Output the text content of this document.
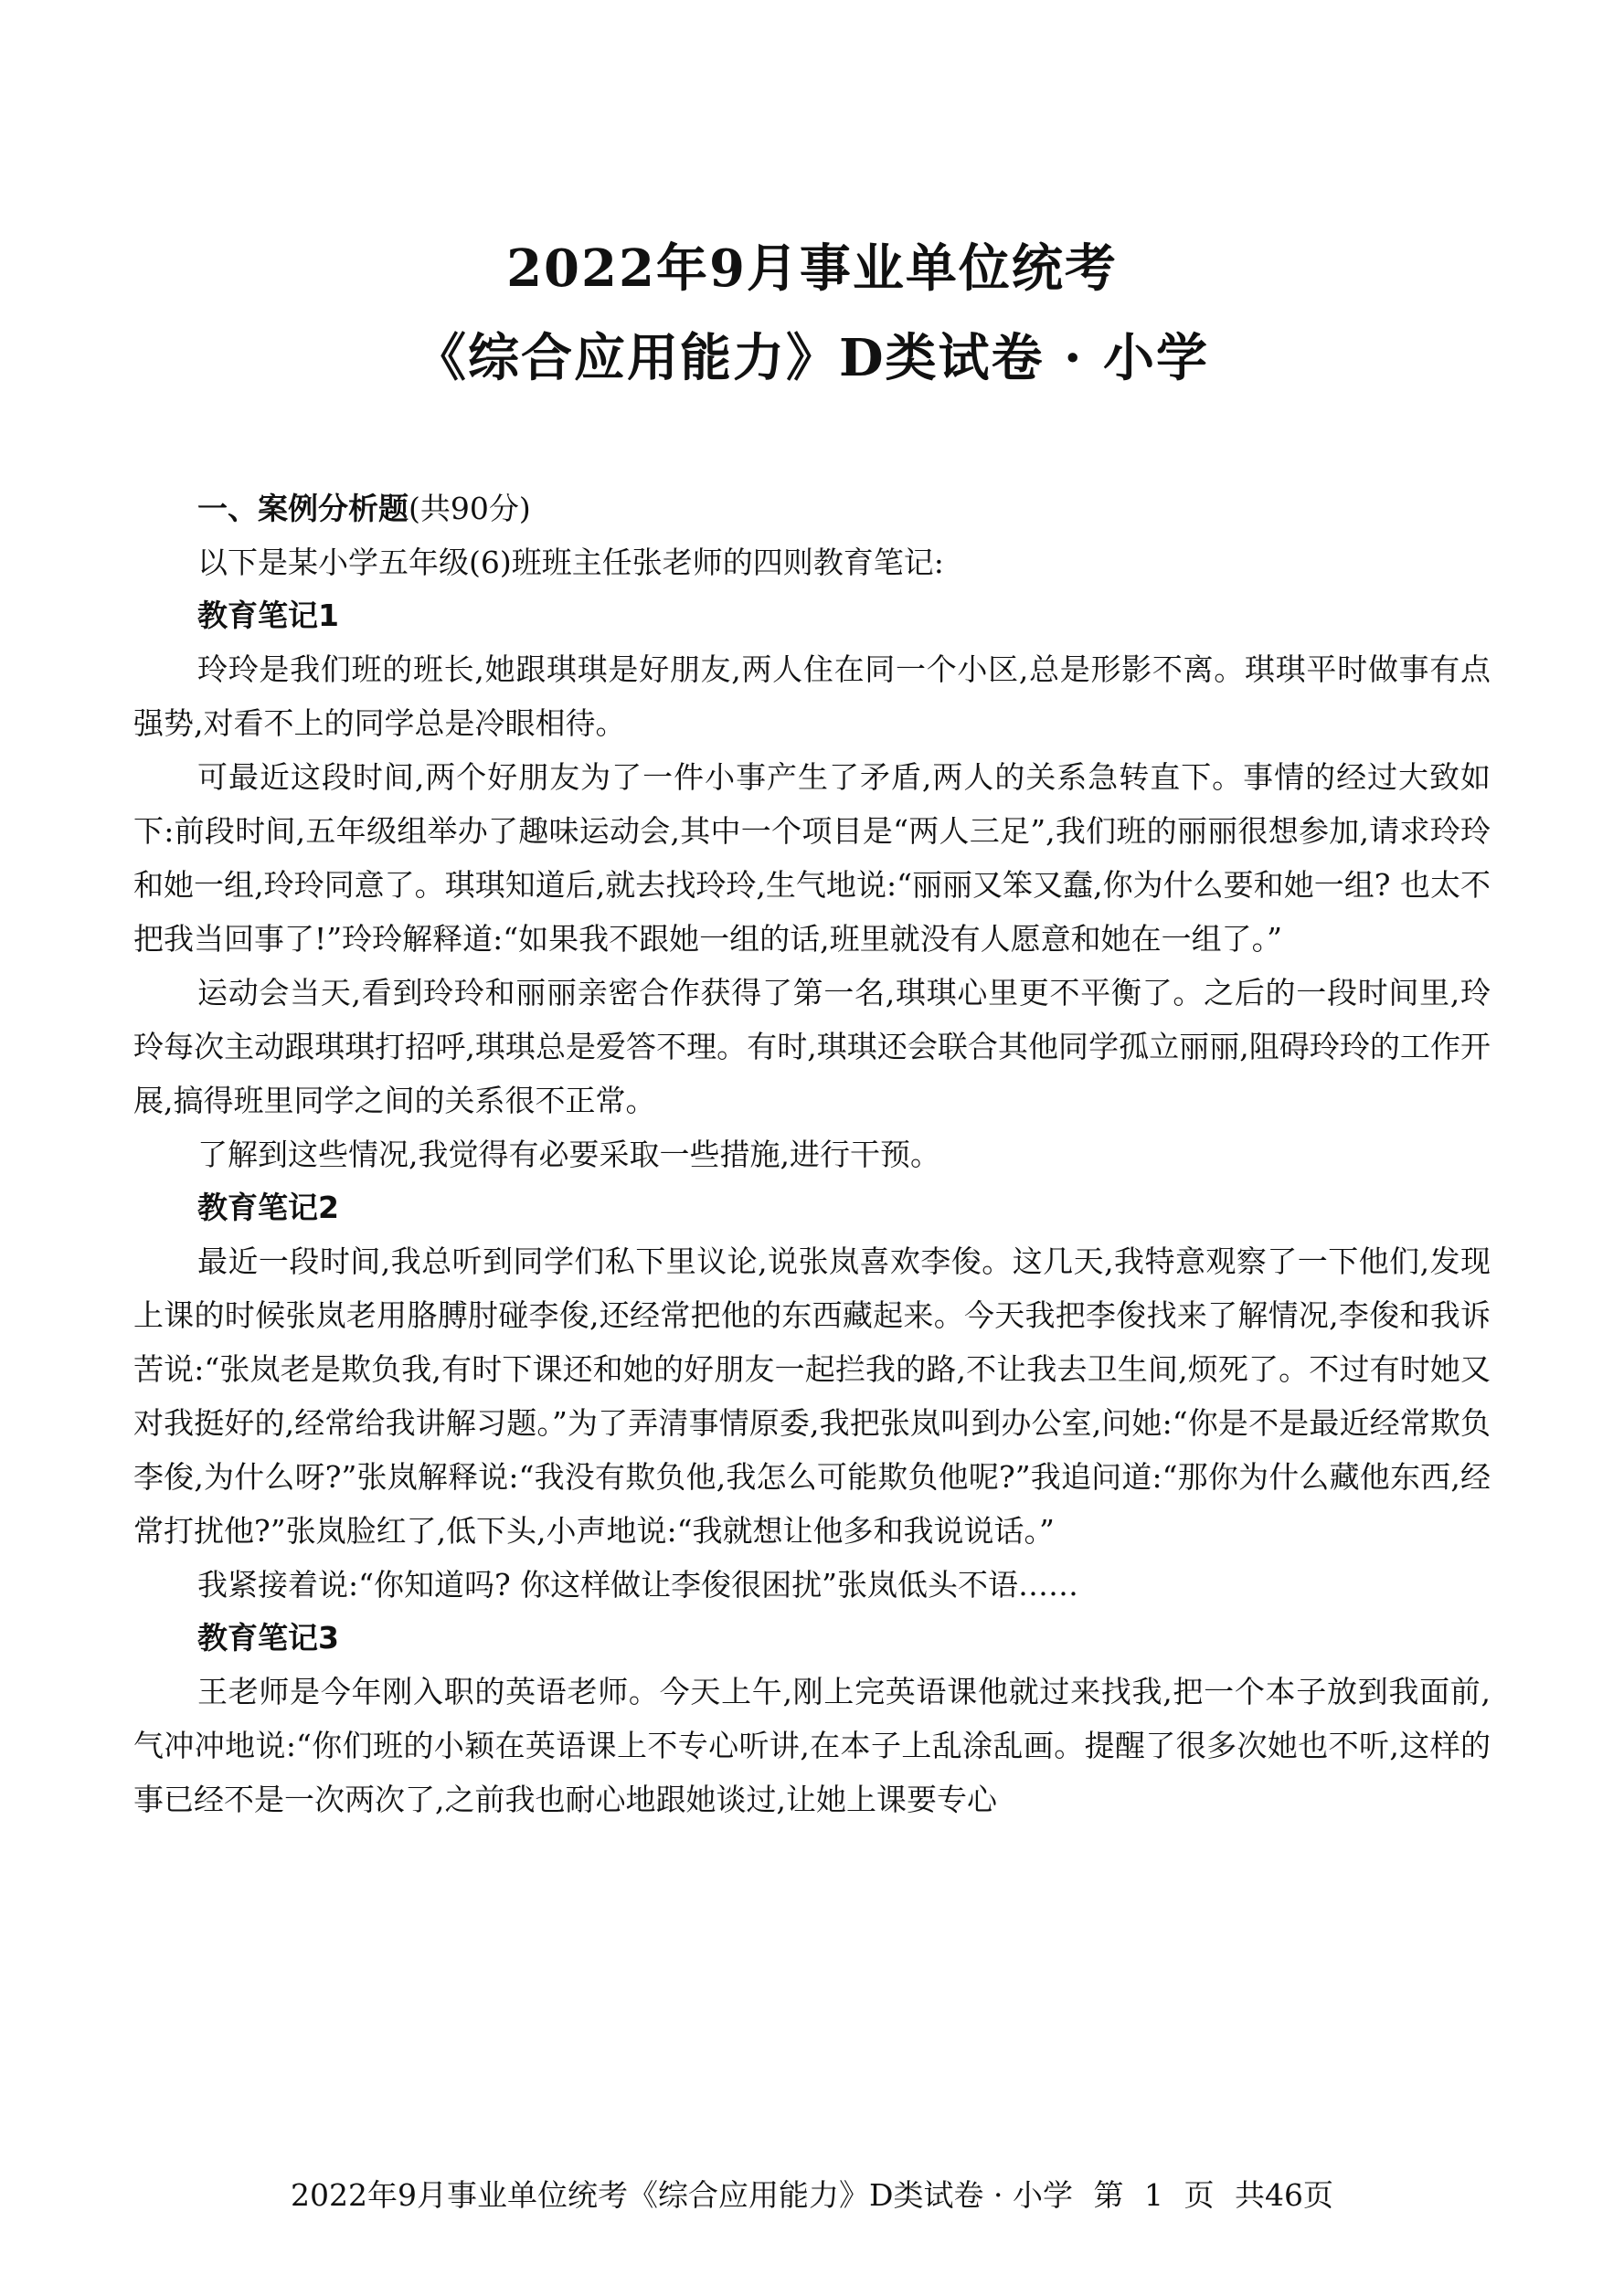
2022年9月事业单位统考
《综合应用能力》D类试卷 · 小学
一、案例分析题(共90分)

以下是某小学五年级(6)班班主任张老师的四则教育笔记:

教育笔记1

玲玲是我们班的班长,她跟琪琪是好朋友,两人住在同一个小区,总是形影不离。琪琪平时做事有点强势,对看不上的同学总是冷眼相待。

可最近这段时间,两个好朋友为了一件小事产生了矛盾,两人的关系急转直下。事情的经过大致如下:前段时间,五年级组举办了趣味运动会,其中一个项目是“两人三足”,我们班的丽丽很想参加,请求玲玲和她一组,玲玲同意了。琪琪知道后,就去找玲玲,生气地说:“丽丽又笨又蠢,你为什么要和她一组? 也太不把我当回事了!”玲玲解释道:“如果我不跟她一组的话,班里就没有人愿意和她在一组了。”

运动会当天,看到玲玲和丽丽亲密合作获得了第一名,琪琪心里更不平衡了。之后的一段时间里,玲玲每次主动跟琪琪打招呼,琪琪总是爱答不理。有时,琪琪还会联合其他同学孤立丽丽,阻碍玲玲的工作开展,搞得班里同学之间的关系很不正常。

了解到这些情况,我觉得有必要采取一些措施,进行干预。

教育笔记2

最近一段时间,我总听到同学们私下里议论,说张岚喜欢李俊。这几天,我特意观察了一下他们,发现上课的时候张岚老用胳膊肘碰李俊,还经常把他的东西藏起来。今天我把李俊找来了解情况,李俊和我诉苦说:“张岚老是欺负我,有时下课还和她的好朋友一起拦我的路,不让我去卫生间,烦死了。不过有时她又对我挺好的,经常给我讲解习题。”为了弄清事情原委,我把张岚叫到办公室,问她:“你是不是最近经常欺负李俊,为什么呀?”张岚解释说:“我没有欺负他,我怎么可能欺负他呢?”我追问道:“那你为什么藏他东西,经常打扰他?”张岚脸红了,低下头,小声地说:“我就想让他多和我说说话。”

我紧接着说:“你知道吗? 你这样做让李俊很困扰”张岚低头不语……

教育笔记3

王老师是今年刚入职的英语老师。今天上午,刚上完英语课他就过来找我,把一个本子放到我面前,气冲冲地说:“你们班的小颖在英语课上不专心听讲,在本子上乱涂乱画。提醒了很多次她也不听,这样的事已经不是一次两次了,之前我也耐心地跟她谈过,让她上课要专心

2022年9月事业单位统考《综合应用能力》D类试卷 · 小学 第 1 页 共46页
